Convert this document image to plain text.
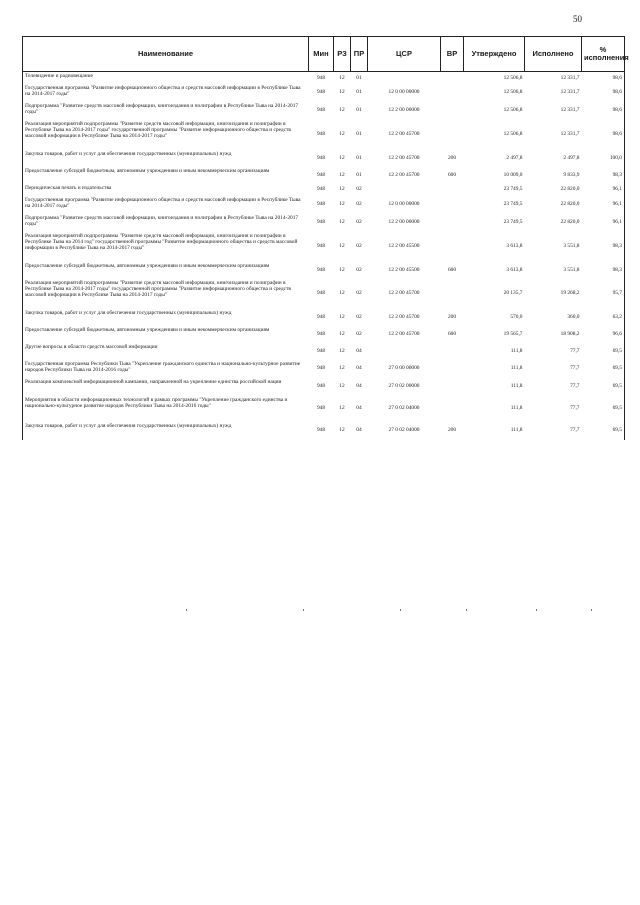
50
Наименование	Мин	РЗ	ПР	ЦСР	ВР	Утверждено	Исполнено	% исполнения
Телевидение и радиовещание	948	12	01			12 506,8	12 331,7	98,6
Государственная программа "Развитие информационного общества и средств массовой информации в Республике Тыва на 2014-2017 годы"	948	12	01	12 0 00 00000		12 506,8	12 331,7	98,6
Подпрограмма "Развитие средств массовой информации, книгоиздания и полиграфии в Республике Тыва на 2014-2017 годы"	948	12	01	12 2 00 00000		12 506,8	12 331,7	98,6
Реализация мероприятий подпрограммы "Развитие средств массовой информации, книгоиздания и полиграфии в Республике Тыва на 2014-2017 годы" государственной программы "Развитие информационного общества и средств массовой информации в Республике Тыва на 2014-2017 годы"	948	12	01	12 2 00 45700		12 506,8	12 331,7	98,6
Закупка товаров, работ и услуг для обеспечения государственных (муниципальных) нужд	948	12	01	12 2 00 45700	200	2 497,8	2 497,8	100,0
Предоставление субсидий бюджетным, автономным учреждениям и иным некоммерческим организациям	948	12	01	12 2 00 45700	600	10 009,0	9 833,9	98,3
Периодическая печать и издательства	948	12	02			23 749,5	22 820,0	96,1
Государственная программа "Развитие информационного общества и средств массовой информации в Республике Тыва на 2014-2017 годы"	948	12	02	12 0 00 00000		23 749,5	22 820,0	96,1
Подпрограмма "Развитие средств массовой информации, книгоиздания и полиграфии в Республике Тыва на 2014-2017 годы"	948	12	02	12 2 00 00000		23 749,5	22 820,0	96,1
Реализация мероприятий подпрограммы "Развитие средств массовой информации, книгоиздания и полиграфии в Республике Тыва на 2014 год" государственной программы "Развитие информационного общества и средств массовой информации в Республике Тыва на 2014-2017 годы"	948	12	02	12 2 00 45500		3 613,8	3 551,8	98,3
Предоставление субсидий бюджетным, автономным учреждениям и иным некоммерческим организациям	948	12	02	12 2 00 45500	600	3 613,8	3 551,8	98,3
Реализация мероприятий подпрограммы "Развитие средств массовой информации, книгоиздания и полиграфии в Республике Тыва на 2014-2017 годы" государственной программы "Развитие информационного общества и средств массовой информации в Республике Тыва на 2014-2017 годы"	948	12	02	12 2 00 45700		20 135,7	19 268,2	95,7
Закупка товаров, работ и услуг для обеспечения государственных (муниципальных) нужд	948	12	02	12 2 00 45700	200	570,0	360,0	63,2
Предоставление субсидий бюджетным, автономным учреждениям и иным некоммерческим организациям	948	12	02	12 2 00 45700	600	19 565,7	18 908,2	96,6
Другие вопросы в области средств массовой информации	948	12	04			111,8	77,7	69,5
Государственная программа Республики Тыва "Укрепление гражданского единства и национально-культурное развитие народов Республики Тыва на 2014-2016 годы"	948	12	04	27 0 00 00000		111,8	77,7	69,5
Реализация комплексной информационной кампании, направленной на укрепление единства российской нации	948	12	04	27 0 02 00000		111,8	77,7	69,5
Мероприятия в области информационных технологий в рамках программы "Укрепление гражданского единства и национально-культурное развитие народов Республики Тыва на 2014-2016 годы"	948	12	04	27 0 02 04000		111,8	77,7	69,5
Закупка товаров, работ и услуг для обеспечения государственных (муниципальных) нужд	948	12	04	27 0 02 04000	200	111,8	77,7	69,5
